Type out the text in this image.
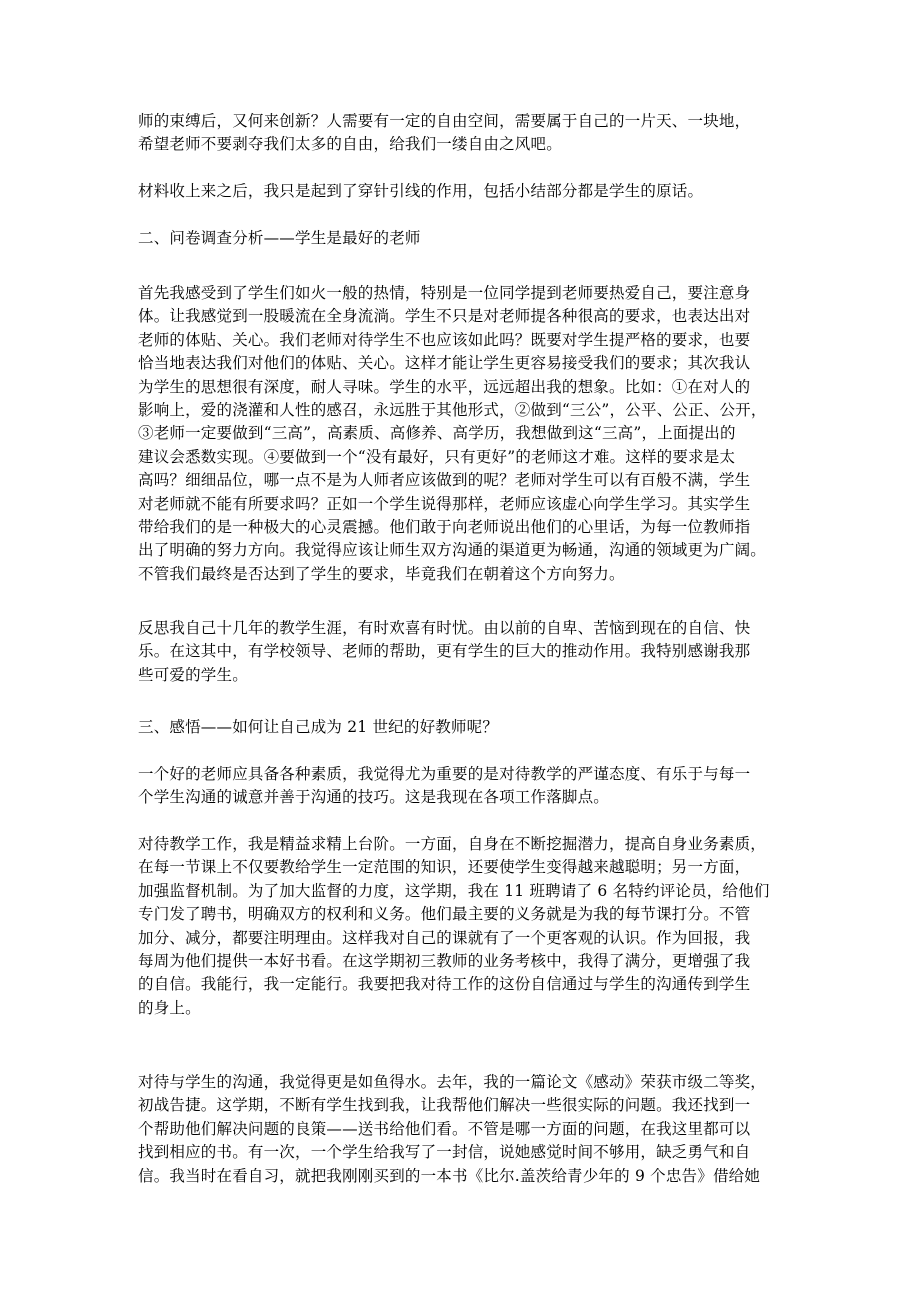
师的束缚后，又何来创新？人需要有一定的自由空间，需要属于自己的一片天、一块地，
希望老师不要剥夺我们太多的自由，给我们一缕自由之风吧。

材料收上来之后，我只是起到了穿针引线的作用，包括小结部分都是学生的原话。

二、问卷调查分析——学生是最好的老师

首先我感受到了学生们如火一般的热情，特别是一位同学提到老师要热爱自己，要注意身
体。让我感觉到一股暖流在全身流淌。学生不只是对老师提各种很高的要求，也表达出对
老师的体贴、关心。我们老师对待学生不也应该如此吗？既要对学生提严格的要求，也要
恰当地表达我们对他们的体贴、关心。这样才能让学生更容易接受我们的要求；其次我认
为学生的思想很有深度，耐人寻味。学生的水平，远远超出我的想象。比如：①在对人的
影响上，爱的浇灌和人性的感召，永远胜于其他形式，②做到“三公”，公平、公正、公开，
③老师一定要做到“三高”，高素质、高修养、高学历，我想做到这“三高”，上面提出的
建议会悉数实现。④要做到一个“没有最好，只有更好”的老师这才难。这样的要求是太
高吗？细细品位，哪一点不是为人师者应该做到的呢？老师对学生可以有百般不满，学生
对老师就不能有所要求吗？正如一个学生说得那样，老师应该虚心向学生学习。其实学生
带给我们的是一种极大的心灵震撼。他们敢于向老师说出他们的心里话，为每一位教师指
出了明确的努力方向。我觉得应该让师生双方沟通的渠道更为畅通，沟通的领域更为广阔。
不管我们最终是否达到了学生的要求，毕竟我们在朝着这个方向努力。

反思我自己十几年的教学生涯，有时欢喜有时忧。由以前的自卑、苦恼到现在的自信、快
乐。在这其中，有学校领导、老师的帮助，更有学生的巨大的推动作用。我特别感谢我那
些可爱的学生。

三、感悟——如何让自己成为 21 世纪的好教师呢？

一个好的老师应具备各种素质，我觉得尤为重要的是对待教学的严谨态度、有乐于与每一
个学生沟通的诚意并善于沟通的技巧。这是我现在各项工作落脚点。

对待教学工作，我是精益求精上台阶。一方面，自身在不断挖掘潜力，提高自身业务素质，
在每一节课上不仅要教给学生一定范围的知识，还要使学生变得越来越聪明；另一方面，
加强监督机制。为了加大监督的力度，这学期，我在 11 班聘请了 6 名特约评论员，给他们
专门发了聘书，明确双方的权利和义务。他们最主要的义务就是为我的每节课打分。不管
加分、减分，都要注明理由。这样我对自己的课就有了一个更客观的认识。作为回报，我
每周为他们提供一本好书看。在这学期初三教师的业务考核中，我得了满分，更增强了我
的自信。我能行，我一定能行。我要把我对待工作的这份自信通过与学生的沟通传到学生
的身上。

对待与学生的沟通，我觉得更是如鱼得水。去年，我的一篇论文《感动》荣获市级二等奖，
初战告捷。这学期，不断有学生找到我，让我帮他们解决一些很实际的问题。我还找到一
个帮助他们解决问题的良策——送书给他们看。不管是哪一方面的问题，在我这里都可以
找到相应的书。有一次，一个学生给我写了一封信，说她感觉时间不够用，缺乏勇气和自
信。我当时在看自习，就把我刚刚买到的一本书《比尔.盖茨给青少年的 9 个忠告》借给她
